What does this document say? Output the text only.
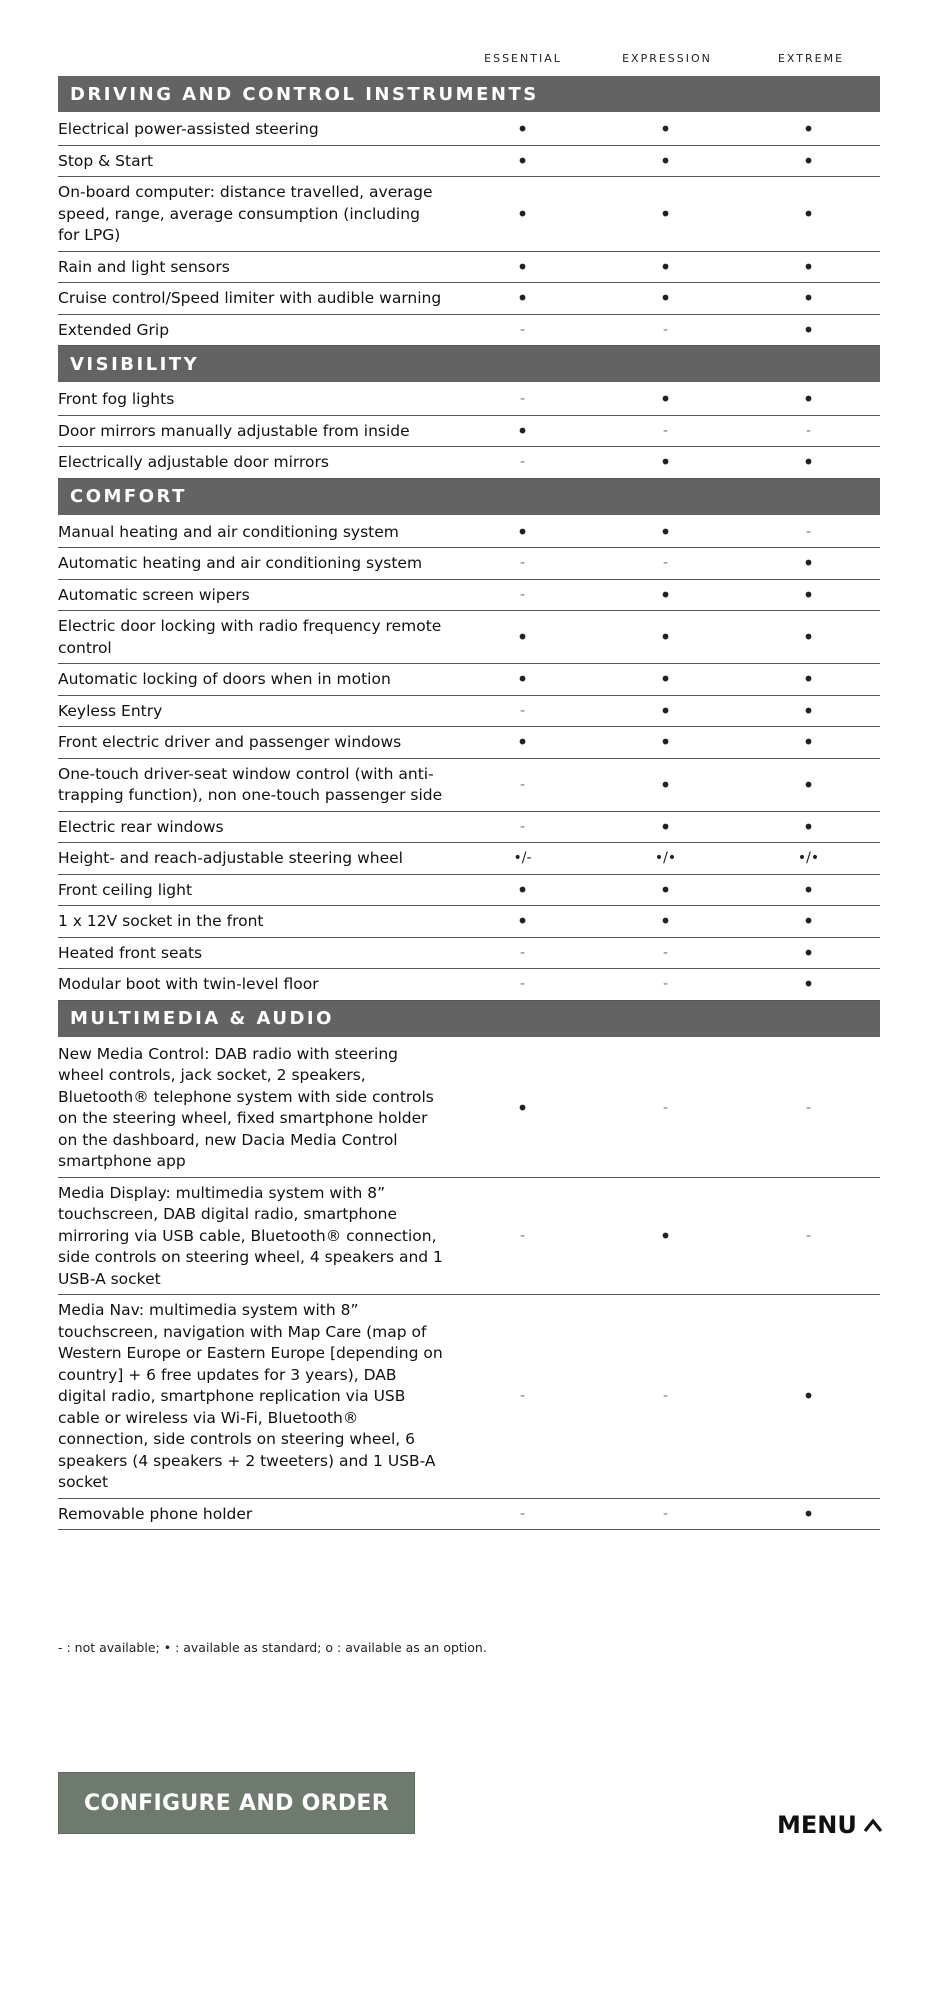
ESSENTIAL	EXPRESSION	EXTREME
DRIVING AND CONTROL INSTRUMENTS			
Electrical power-assisted steering	•	•	•
Stop & Start	•	•	•
On-board computer: distance travelled, average speed, range, average consumption (including for LPG)	•	•	•
Rain and light sensors	•	•	•
Cruise control/Speed limiter with audible warning	•	•	•
Extended Grip	-	-	•
VISIBILITY			
Front fog lights	-	•	•
Door mirrors manually adjustable from inside	•	-	-
Electrically adjustable door mirrors	-	•	•
COMFORT			
Manual heating and air conditioning system	•	•	-
Automatic heating and air conditioning system	-	-	•
Automatic screen wipers	-	•	•
Electric door locking with radio frequency remote control	•	•	•
Automatic locking of doors when in motion	•	•	•
Keyless Entry	-	•	•
Front electric driver and passenger windows	•	•	•
One-touch driver-seat window control (with anti-trapping function), non one-touch passenger side	-	•	•
Electric rear windows	-	•	•
Height- and reach-adjustable steering wheel	•/-	•/•	•/•
Front ceiling light	•	•	•
1 x 12V socket in the front	•	•	•
Heated front seats	-	-	•
Modular boot with twin-level floor	-	-	•
MULTIMEDIA & AUDIO			
New Media Control: DAB radio with steering wheel controls, jack socket, 2 speakers, Bluetooth® telephone system with side controls on the steering wheel, fixed smartphone holder on the dashboard, new Dacia Media Control smartphone app	•	-	-
Media Display: multimedia system with 8” touchscreen, DAB digital radio, smartphone mirroring via USB cable, Bluetooth® connection, side controls on steering wheel, 4 speakers and 1 USB-A socket	-	•	-
Media Nav: multimedia system with 8” touchscreen, navigation with Map Care (map of Western Europe or Eastern Europe [depending on country] + 6 free updates for 3 years), DAB digital radio, smartphone replication via USB cable or wireless via Wi-Fi, Bluetooth® connection, side controls on steering wheel, 6 speakers (4 speakers + 2 tweeters) and 1 USB-A socket	-	-	•
Removable phone holder	-	-	•
- : not available; • : available as standard; o : available as an option.
CONFIGURE AND ORDER
MENU
